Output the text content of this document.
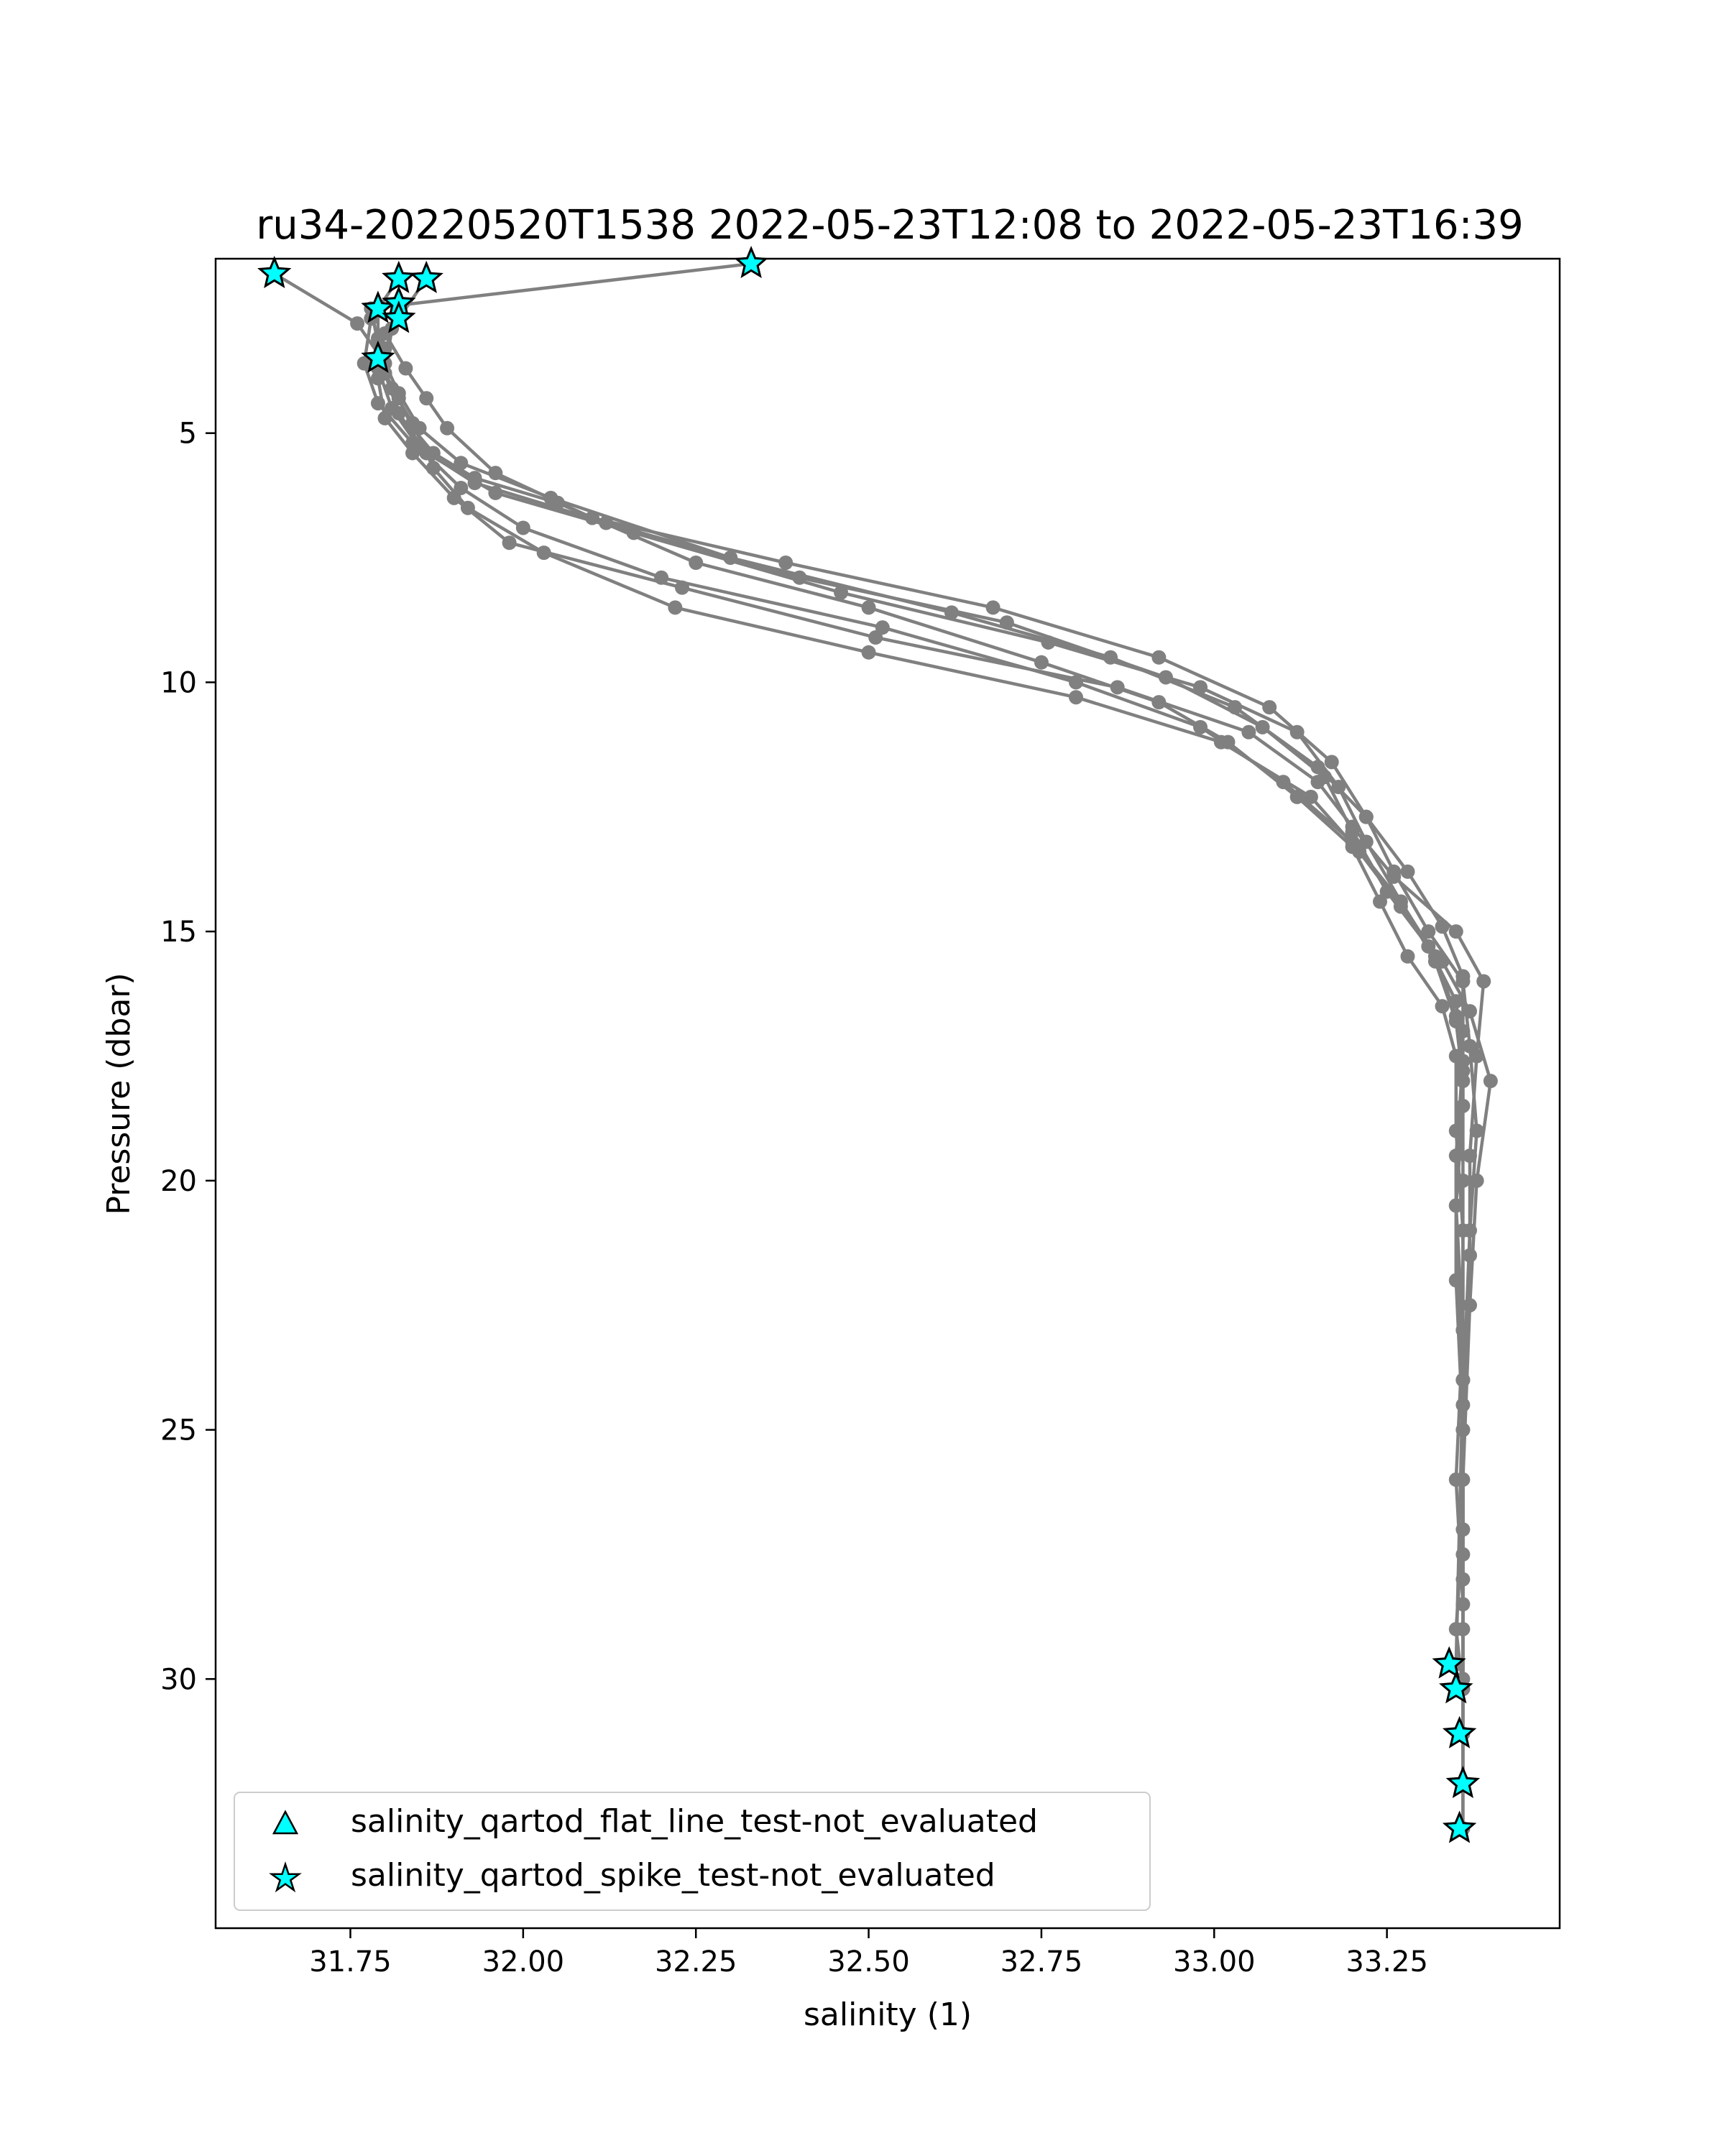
ru34-20220520T1538 2022-05-23T12:08 to 2022-05-23T16:39
31.75	32.00	32.25	32.50	32.75	33.00	33.25
5
10
15
20
25
30
salinity (1)
Pressure (dbar)
salinity_qartod_flat_line_test-not_evaluated
salinity_qartod_spike_test-not_evaluated
